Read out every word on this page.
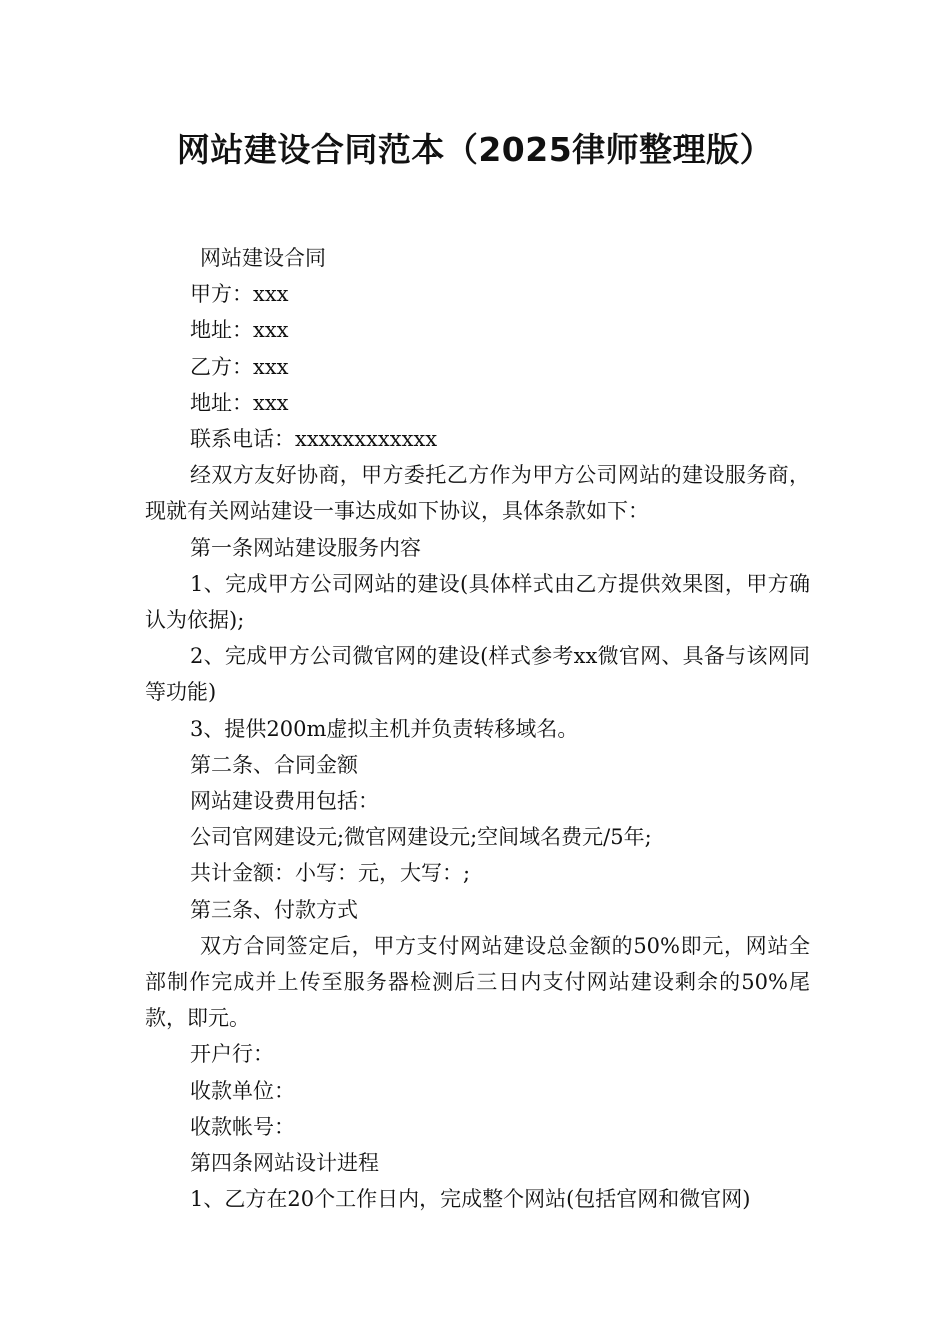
网站建设合同范本（2025律师整理版）

网站建设合同

甲方：xxx

地址：xxx

乙方：xxx

地址：xxx

联系电话：xxxxxxxxxxxx

经双方友好协商，甲方委托乙方作为甲方公司网站的建设服务商，现就有关网站建设一事达成如下协议，具体条款如下：

第一条网站建设服务内容

1、完成甲方公司网站的建设(具体样式由乙方提供效果图，甲方确认为依据);

2、完成甲方公司微官网的建设(样式参考xx微官网、具备与该网同等功能)

3、提供200m虚拟主机并负责转移域名。

第二条、合同金额

网站建设费用包括：

公司官网建设元;微官网建设元;空间域名费元/5年;

共计金额：小写：元，大写：;

第三条、付款方式

双方合同签定后，甲方支付网站建设总金额的50%即元，网站全部制作完成并上传至服务器检测后三日内支付网站建设剩余的50%尾款，即元。

开户行：

收款单位：

收款帐号：

第四条网站设计进程

1、乙方在20个工作日内，完成整个网站(包括官网和微官网)
